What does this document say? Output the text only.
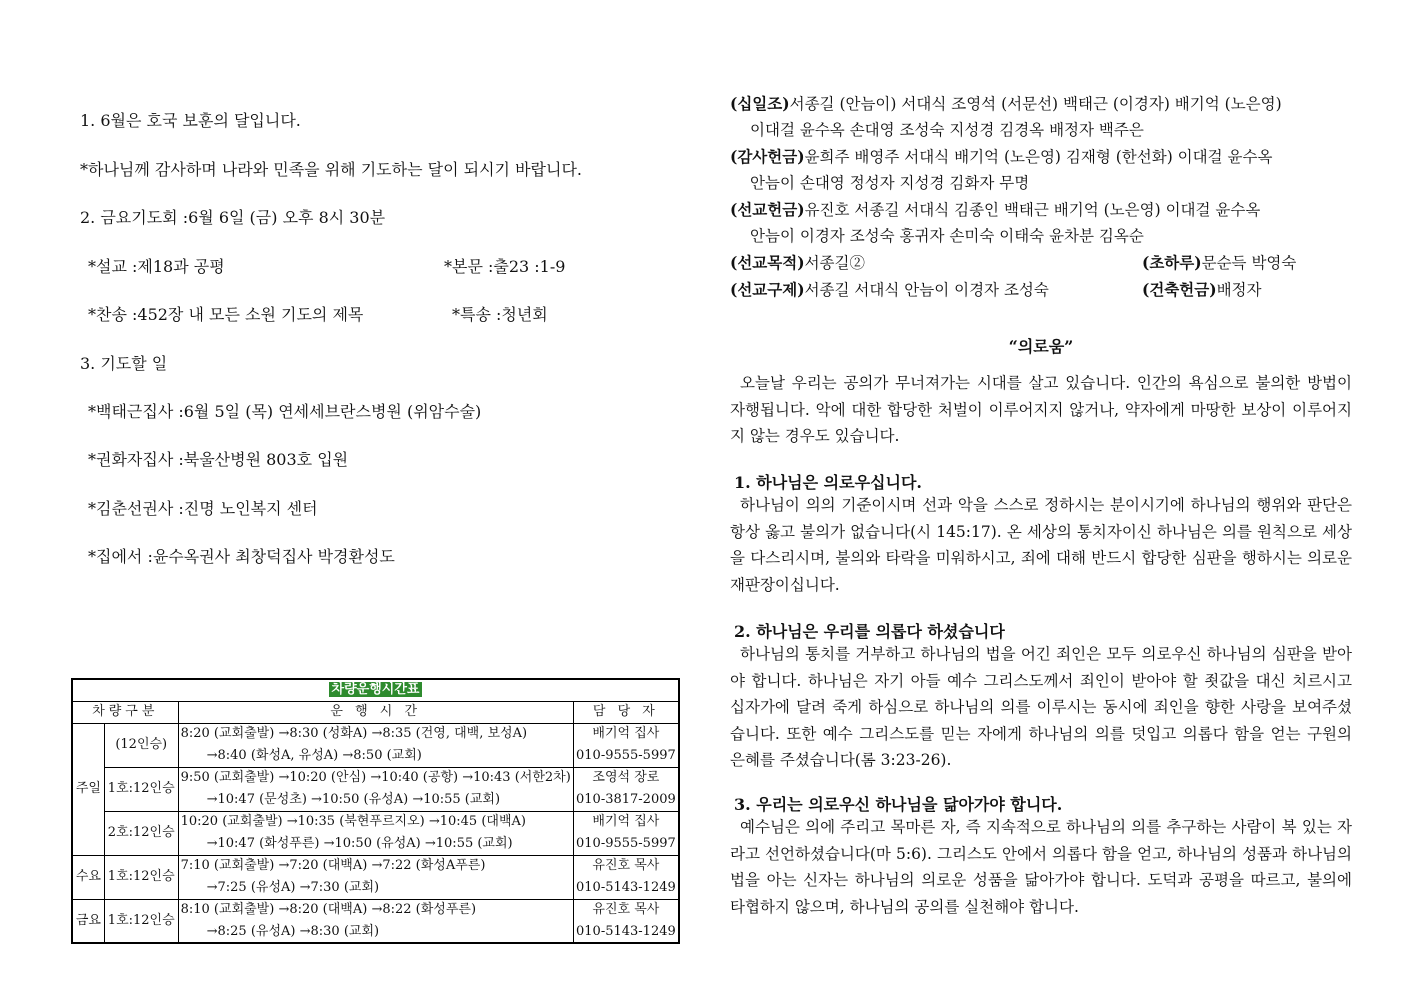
1. 6월은 호국 보훈의 달입니다.
*하나님께 감사하며 나라와 민족을 위해 기도하는 달이 되시기 바랍니다.
2. 금요기도회 :6월 6일 (금) 오후 8시 30분
*설교 :제18과 공평	*본문 :출23 :1-9
*찬송 :452장 내 모든 소원 기도의 제목	*특송 :청년회
3. 기도할 일
*백태근집사 :6월 5일 (목) 연세세브란스병원 (위암수술)
*권화자집사 :북울산병원 803호 입원
*김춘선권사 :진명 노인복지 센터
*집에서 :윤수옥권사 최창덕집사 박경환성도
차량운행시간표			
차량구분		운 행 시 간	담 당 자
주일	(12인승)	8:20 (교회출발) →8:30 (성화A) →8:35 (건영, 대백, 보성A)	배기억 집사
		→8:40 (화성A, 유성A) →8:50 (교회)	010-9555-5997
	1호:12인승	9:50 (교회출발) →10:20 (안심) →10:40 (공항) →10:43 (서한2차)	조영석 장로
		→10:47 (문성초) →10:50 (유성A) →10:55 (교회)	010-3817-2009
	2호:12인승	10:20 (교회출발) →10:35 (북현푸르지오) →10:45 (대백A)	배기억 집사
		→10:47 (화성푸른) →10:50 (유성A) →10:55 (교회)	010-9555-5997
수요	1호:12인승	7:10 (교회출발) →7:20 (대백A) →7:22 (화성A푸른)	유진호 목사
		→7:25 (유성A) →7:30 (교회)	010-5143-1249
금요	1호:12인승	8:10 (교회출발) →8:20 (대백A) →8:22 (화성푸른)	유진호 목사
		→8:25 (유성A) →8:30 (교회)	010-5143-1249
(십일조)서종길 (안늠이) 서대식 조영석 (서문선) 백태근 (이경자) 배기억 (노은영)
이대걸 윤수옥 손대영 조성숙 지성경 김경옥 배정자 백주은
(감사헌금)윤희주 배영주 서대식 배기억 (노은영) 김재형 (한선화) 이대걸 윤수옥
안늠이 손대영 정성자 지성경 김화자 무명
(선교헌금)유진호 서종길 서대식 김종인 백태근 배기억 (노은영) 이대걸 윤수옥
안늠이 이경자 조성숙 홍귀자 손미숙 이태숙 윤차분 김옥순
(선교목적)서종길②	(초하루)문순득 박영숙
(선교구제)서종길 서대식 안늠이 이경자 조성숙	(건축헌금)배정자
“의로움”
오늘날 우리는 공의가 무너져가는 시대를 살고 있습니다. 인간의 욕심으로 불의한 방법이 자행됩니다. 악에 대한 합당한 처벌이 이루어지지 않거나, 약자에게 마땅한 보상이 이루어지지 않는 경우도 있습니다.
1. 하나님은 의로우십니다.
하나님이 의의 기준이시며 선과 악을 스스로 정하시는 분이시기에 하나님의 행위와 판단은 항상 옳고 불의가 없습니다(시 145:17). 온 세상의 통치자이신 하나님은 의를 원칙으로 세상을 다스리시며, 불의와 타락을 미워하시고, 죄에 대해 반드시 합당한 심판을 행하시는 의로운 재판장이십니다.
2. 하나님은 우리를 의롭다 하셨습니다
하나님의 통치를 거부하고 하나님의 법을 어긴 죄인은 모두 의로우신 하나님의 심판을 받아야 합니다. 하나님은 자기 아들 예수 그리스도께서 죄인이 받아야 할 죗값을 대신 치르시고 십자가에 달려 죽게 하심으로 하나님의 의를 이루시는 동시에 죄인을 향한 사랑을 보여주셨습니다. 또한 예수 그리스도를 믿는 자에게 하나님의 의를 덧입고 의롭다 함을 얻는 구원의 은혜를 주셨습니다(롬 3:23-26).
3. 우리는 의로우신 하나님을 닮아가야 합니다.
예수님은 의에 주리고 목마른 자, 즉 지속적으로 하나님의 의를 추구하는 사람이 복 있는 자라고 선언하셨습니다(마 5:6). 그리스도 안에서 의롭다 함을 얻고, 하나님의 성품과 하나님의 법을 아는 신자는 하나님의 의로운 성품을 닮아가야 합니다. 도덕과 공평을 따르고, 불의에 타협하지 않으며, 하나님의 공의를 실천해야 합니다.
